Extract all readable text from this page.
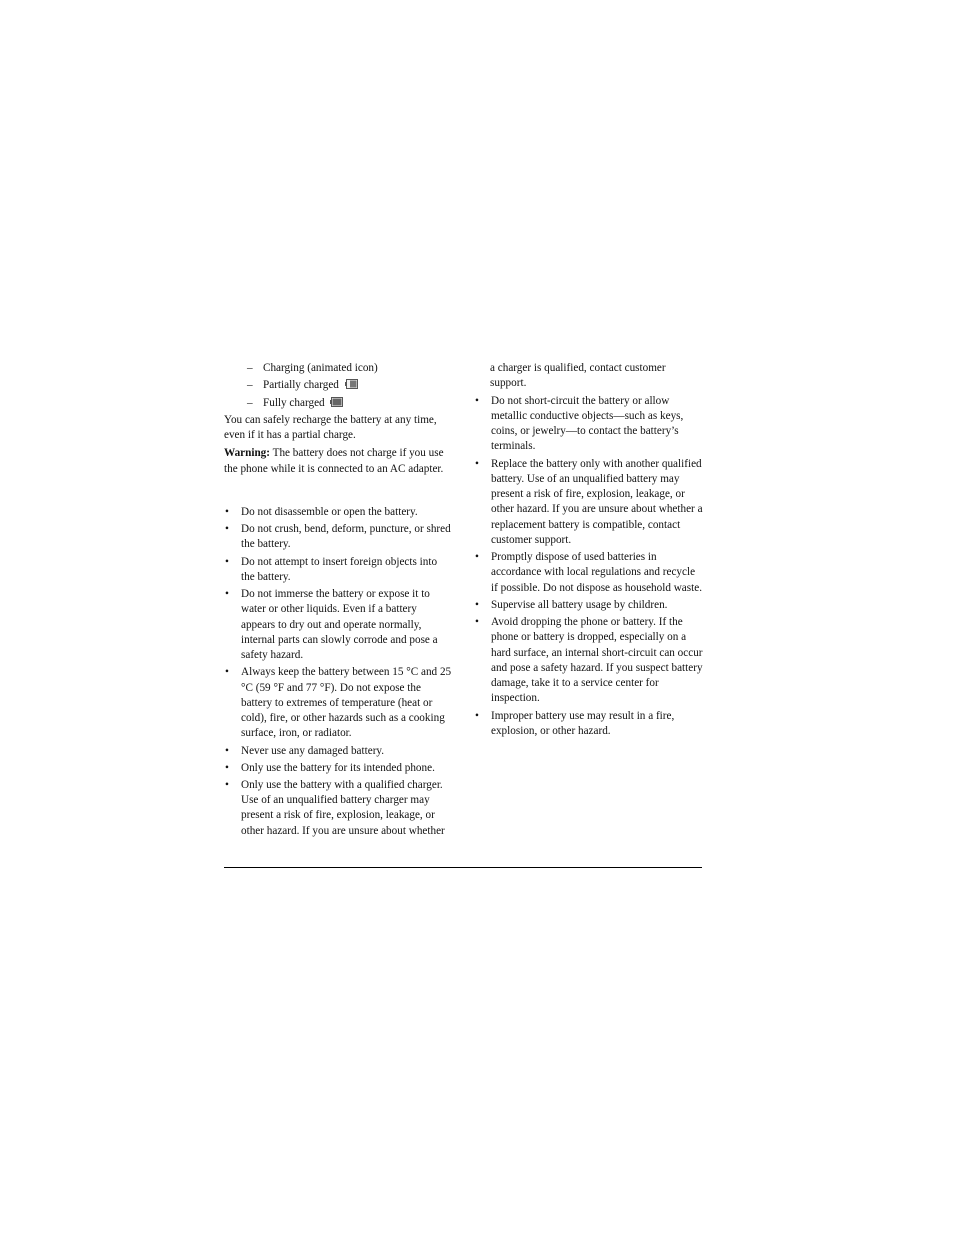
– Charging (animated icon)
– Partially charged
– Fully charged

You can safely recharge the battery at any time, even if it has a partial charge.

Warning: The battery does not charge if you use the phone while it is connected to an AC adapter.

• Do not disassemble or open the battery.
• Do not crush, bend, deform, puncture, or shred the battery.
• Do not attempt to insert foreign objects into the battery.
• Do not immerse the battery or expose it to water or other liquids. Even if a battery appears to dry out and operate normally, internal parts can slowly corrode and pose a safety hazard.
• Always keep the battery between 15 °C and 25 °C (59 °F and 77 °F). Do not expose the battery to extremes of temperature (heat or cold), fire, or other hazards such as a cooking surface, iron, or radiator.
• Never use any damaged battery.
• Only use the battery for its intended phone.
• Only use the battery with a qualified charger. Use of an unqualified battery charger may present a risk of fire, explosion, leakage, or other hazard. If you are unsure about whether

a charger is qualified, contact customer support.

• Do not short-circuit the battery or allow metallic conductive objects—such as keys, coins, or jewelry—to contact the battery’s terminals.
• Replace the battery only with another qualified battery. Use of an unqualified battery may present a risk of fire, explosion, leakage, or other hazard. If you are unsure about whether a replacement battery is compatible, contact customer support.
• Promptly dispose of used batteries in accordance with local regulations and recycle if possible. Do not dispose as household waste.
• Supervise all battery usage by children.
• Avoid dropping the phone or battery. If the phone or battery is dropped, especially on a hard surface, an internal short-circuit can occur and pose a safety hazard. If you suspect battery damage, take it to a service center for inspection.
• Improper battery use may result in a fire, explosion, or other hazard.
